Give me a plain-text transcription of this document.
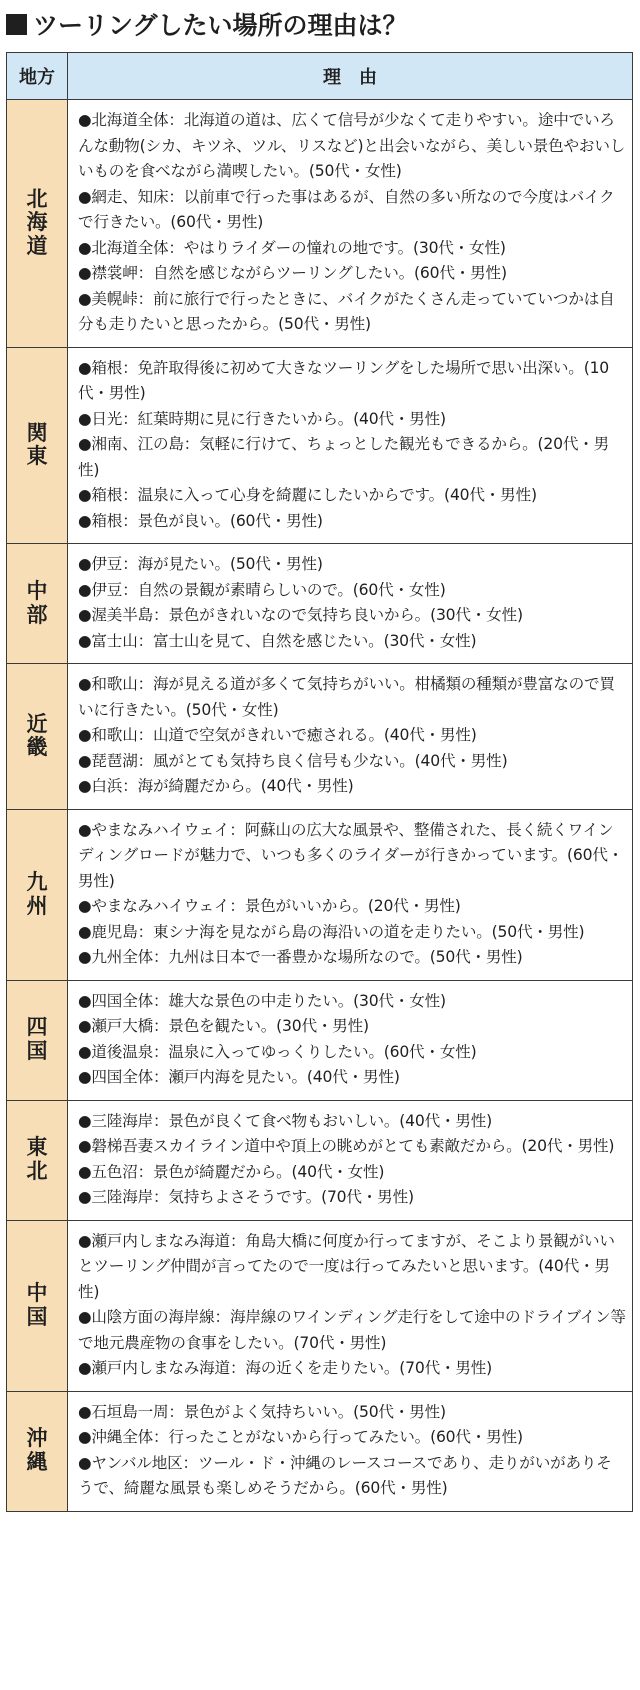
ツーリングしたい場所の理由は？
地方	理　由
北海道	●北海道全体：北海道の道は、広くて信号が少なくて走りやすい。途中でいろんな動物(シカ、キツネ、ツル、リスなど)と出会いながら、美しい景色やおいしいものを食べながら満喫したい。(50代・女性)
●網走、知床：以前車で行った事はあるが、自然の多い所なので今度はバイクで行きたい。(60代・男性)
●北海道全体：やはりライダーの憧れの地です。(30代・女性)
●襟裳岬：自然を感じながらツーリングしたい。(60代・男性)
●美幌峠：前に旅行で行ったときに、バイクがたくさん走っていていつかは自分も走りたいと思ったから。(50代・男性)

関東	●箱根：免許取得後に初めて大きなツーリングをした場所で思い出深い。(10代・男性)
●日光：紅葉時期に見に行きたいから。(40代・男性)
●湘南、江の島：気軽に行けて、ちょっとした観光もできるから。(20代・男性)
●箱根：温泉に入って心身を綺麗にしたいからです。(40代・男性)
●箱根：景色が良い。(60代・男性)

中部	●伊豆：海が見たい。(50代・男性)
●伊豆：自然の景観が素晴らしいので。(60代・女性)
●渥美半島：景色がきれいなので気持ち良いから。(30代・女性)
●富士山：富士山を見て、自然を感じたい。(30代・女性)

近畿	●和歌山：海が見える道が多くて気持ちがいい。柑橘類の種類が豊富なので買いに行きたい。(50代・女性)
●和歌山：山道で空気がきれいで癒される。(40代・男性)
●琵琶湖：風がとても気持ち良く信号も少ない。(40代・男性)
●白浜：海が綺麗だから。(40代・男性)

九州	●やまなみハイウェイ：阿蘇山の広大な風景や、整備された、長く続くワインディングロードが魅力で、いつも多くのライダーが行きかっています。(60代・男性)
●やまなみハイウェイ：景色がいいから。(20代・男性)
●鹿児島：東シナ海を見ながら島の海沿いの道を走りたい。(50代・男性)
●九州全体：九州は日本で一番豊かな場所なので。(50代・男性)

四国	●四国全体：雄大な景色の中走りたい。(30代・女性)
●瀬戸大橋：景色を観たい。(30代・男性)
●道後温泉：温泉に入ってゆっくりしたい。(60代・女性)
●四国全体：瀬戸内海を見たい。(40代・男性)

東北	●三陸海岸：景色が良くて食べ物もおいしい。(40代・男性)
●磐梯吾妻スカイライン道中や頂上の眺めがとても素敵だから。(20代・男性)
●五色沼：景色が綺麗だから。(40代・女性)
●三陸海岸：気持ちよさそうです。(70代・男性)

中国	●瀬戸内しまなみ海道：角島大橋に何度か行ってますが、そこより景観がいいとツーリング仲間が言ってたので一度は行ってみたいと思います。(40代・男性)
●山陰方面の海岸線：海岸線のワインディング走行をして途中のドライブイン等で地元農産物の食事をしたい。(70代・男性)
●瀬戸内しまなみ海道：海の近くを走りたい。(70代・男性)

沖縄	●石垣島一周：景色がよく気持ちいい。(50代・男性)
●沖縄全体：行ったことがないから行ってみたい。(60代・男性)
●ヤンバル地区：ツール・ド・沖縄のレースコースであり、走りがいがありそうで、綺麗な風景も楽しめそうだから。(60代・男性)
